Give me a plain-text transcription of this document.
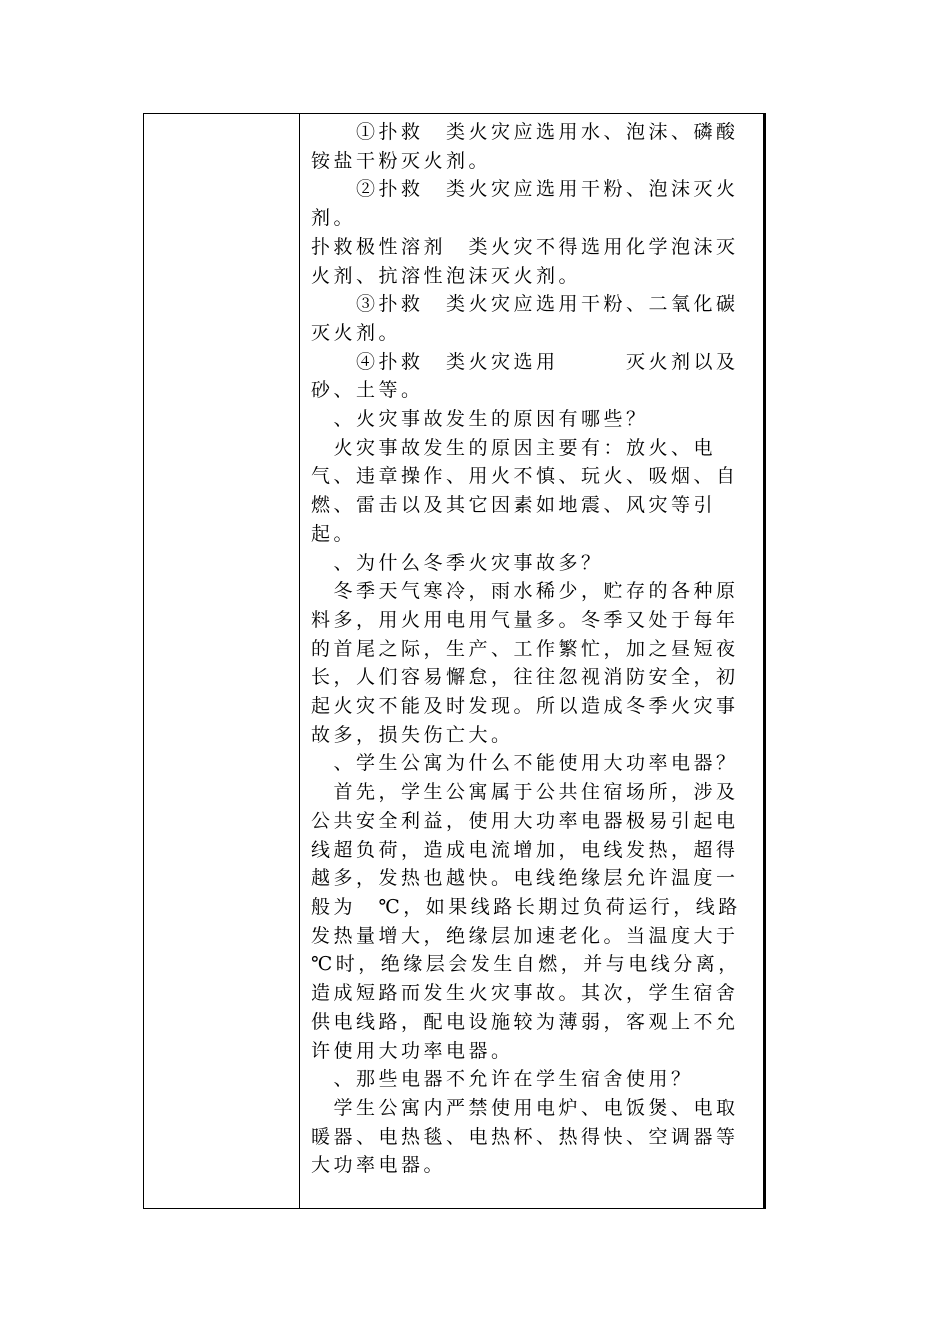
　　①扑救　类火灾应选用水、泡沫、磷酸铵盐干粉灭火剂。

　　②扑救　类火灾应选用干粉、泡沫灭火剂。

扑救极性溶剂　类火灾不得选用化学泡沫灭火剂、抗溶性泡沫灭火剂。

　　③扑救　类火灾应选用干粉、二氧化碳灭火剂。

　　④扑救　类火灾选用　　　灭火剂以及砂、土等。

　、火灾事故发生的原因有哪些？

　火灾事故发生的原因主要有：放火、电气、违章操作、用火不慎、玩火、吸烟、自燃、雷击以及其它因素如地震、风灾等引起。

　、为什么冬季火灾事故多？

　冬季天气寒冷，雨水稀少，贮存的各种原料多，用火用电用气量多。冬季又处于每年的首尾之际，生产、工作繁忙，加之昼短夜长，人们容易懈怠，往往忽视消防安全，初起火灾不能及时发现。所以造成冬季火灾事故多，损失伤亡大。

　、学生公寓为什么不能使用大功率电器？

　首先，学生公寓属于公共住宿场所，涉及公共安全利益，使用大功率电器极易引起电线超负荷，造成电流增加，电线发热，超得越多，发热也越快。电线绝缘层允许温度一般为　℃，如果线路长期过负荷运行，线路发热量增大，绝缘层加速老化。当温度大于　℃时，绝缘层会发生自燃，并与电线分离，造成短路而发生火灾事故。其次，学生宿舍供电线路，配电设施较为薄弱，客观上不允许使用大功率电器。

　、那些电器不允许在学生宿舍使用？

　学生公寓内严禁使用电炉、电饭煲、电取暖器、电热毯、电热杯、热得快、空调器等大功率电器。
